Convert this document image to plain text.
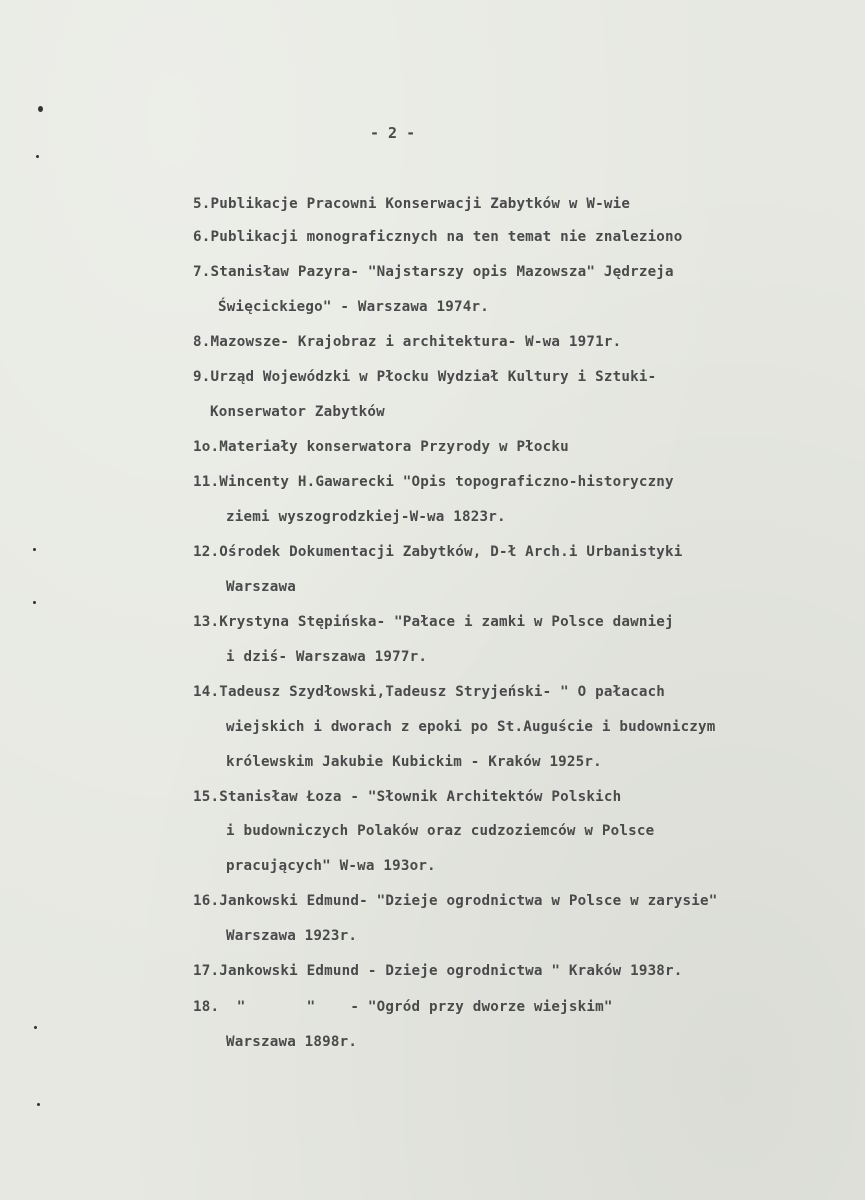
- 2 -
5.Publikacje Pracowni Konserwacji Zabytków w W-wie
6.Publikacji monograficznych na ten temat nie znaleziono
7.Stanisław Pazyra- "Najstarszy opis Mazowsza" Jędrzeja
Święcickiego" - Warszawa 1974r.
8.Mazowsze- Krajobraz i architektura- W-wa 1971r.
9.Urząd Wojewódzki w Płocku Wydział Kultury i Sztuki-
Konserwator Zabytków
1o.Materiały konserwatora Przyrody w Płocku
11.Wincenty H.Gawarecki "Opis topograficzno-historyczny
ziemi wyszogrodzkiej-W-wa 1823r.
12.Ośrodek Dokumentacji Zabytków, D-ł Arch.i Urbanistyki
Warszawa
13.Krystyna Stępińska- "Pałace i zamki w Polsce dawniej
i dziś- Warszawa 1977r.
14.Tadeusz Szydłowski,Tadeusz Stryjeński- " O pałacach
wiejskich i dworach z epoki po St.Auguście i budowniczym
królewskim Jakubie Kubickim - Kraków 1925r.
15.Stanisław Łoza - "Słownik Architektów Polskich
i budowniczych Polaków oraz cudzoziemców w Polsce
pracujących" W-wa 193or.
16.Jankowski Edmund- "Dzieje ogrodnictwa w Polsce w zarysie"
Warszawa 1923r.
17.Jankowski Edmund - Dzieje ogrodnictwa " Kraków 1938r.
18.  "       "    - "Ogród przy dworze wiejskim"
Warszawa 1898r.
